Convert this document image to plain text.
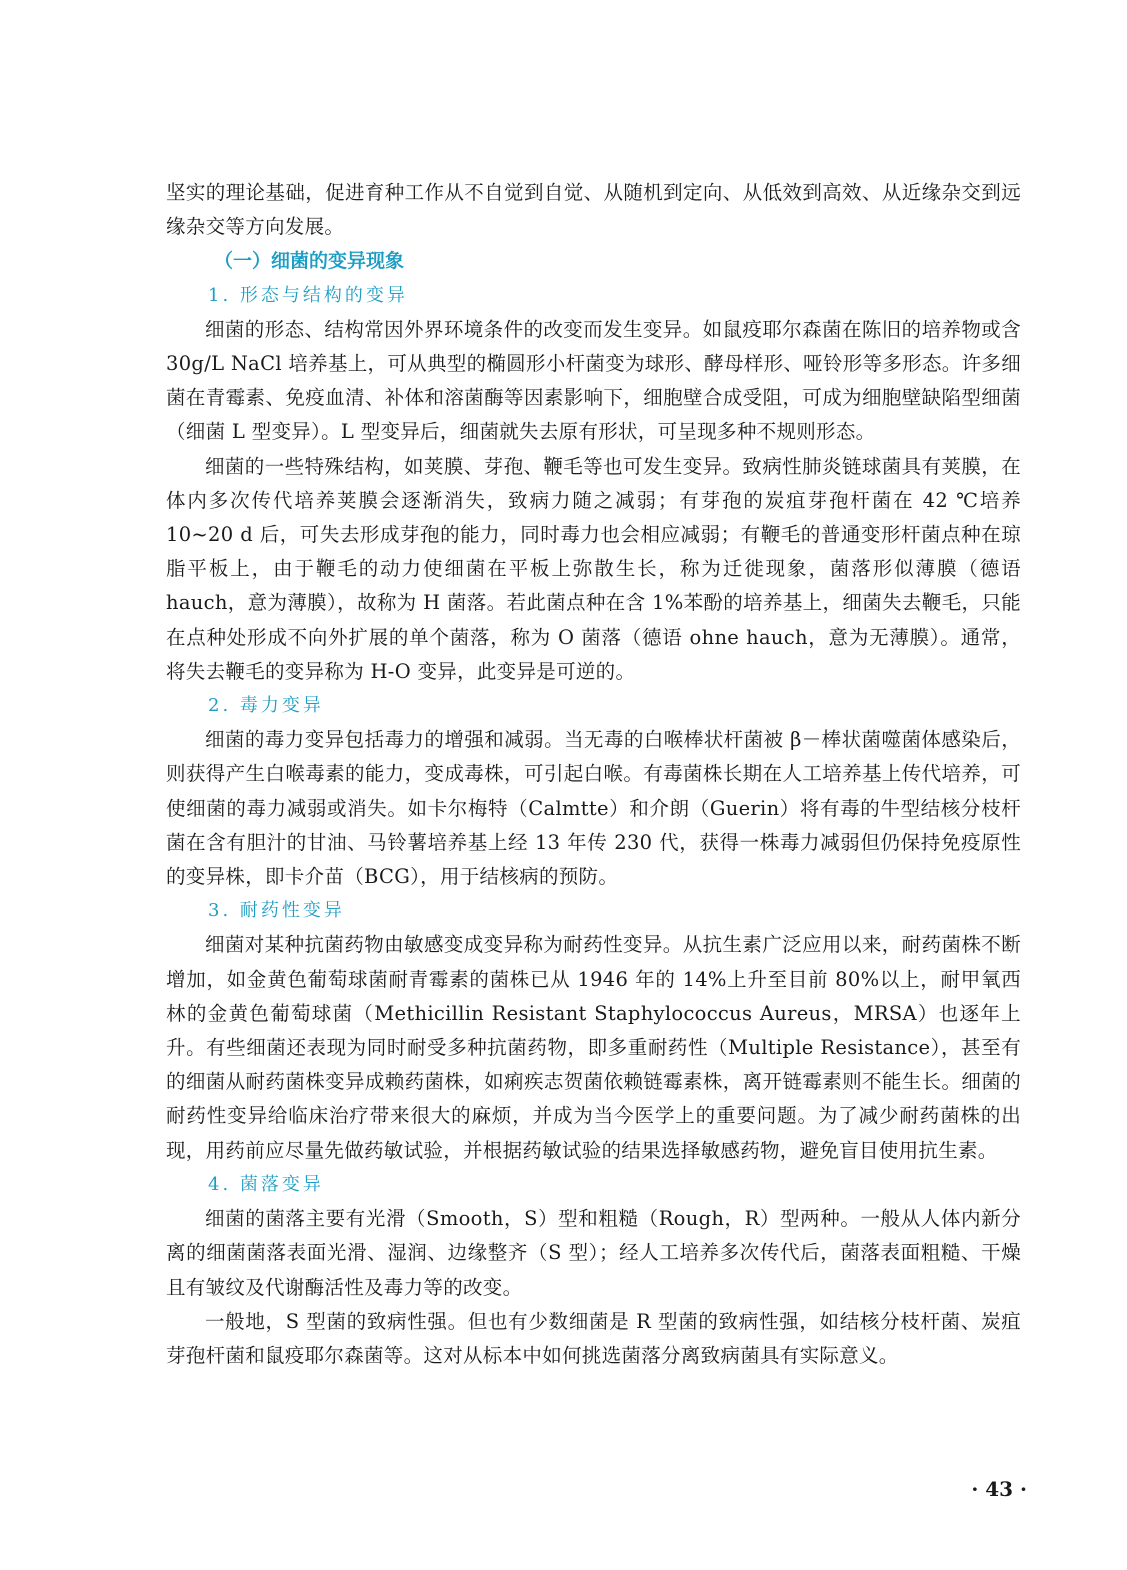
坚实的理论基础，促进育种工作从不自觉到自觉、从随机到定向、从低效到高效、从近缘杂交到远缘杂交等方向发展。

（一）细菌的变异现象
1. 形态与结构的变异

细菌的形态、结构常因外界环境条件的改变而发生变异。如鼠疫耶尔森菌在陈旧的培养物或含 30g/L NaCl 培养基上，可从典型的椭圆形小杆菌变为球形、酵母样形、哑铃形等多形态。许多细菌在青霉素、免疫血清、补体和溶菌酶等因素影响下，细胞壁合成受阻，可成为细胞壁缺陷型细菌（细菌 L 型变异）。L 型变异后，细菌就失去原有形状，可呈现多种不规则形态。

细菌的一些特殊结构，如荚膜、芽孢、鞭毛等也可发生变异。致病性肺炎链球菌具有荚膜，在体内多次传代培养荚膜会逐渐消失，致病力随之减弱；有芽孢的炭疽芽孢杆菌在 42 ℃培养 10~20 d 后，可失去形成芽孢的能力，同时毒力也会相应减弱；有鞭毛的普通变形杆菌点种在琼脂平板上，由于鞭毛的动力使细菌在平板上弥散生长，称为迁徙现象，菌落形似薄膜（德语 hauch，意为薄膜），故称为 H 菌落。若此菌点种在含 1%苯酚的培养基上，细菌失去鞭毛，只能在点种处形成不向外扩展的单个菌落，称为 O 菌落（德语 ohne hauch，意为无薄膜）。通常，将失去鞭毛的变异称为 H-O 变异，此变异是可逆的。

2. 毒力变异

细菌的毒力变异包括毒力的增强和减弱。当无毒的白喉棒状杆菌被 β－棒状菌噬菌体感染后，则获得产生白喉毒素的能力，变成毒株，可引起白喉。有毒菌株长期在人工培养基上传代培养，可使细菌的毒力减弱或消失。如卡尔梅特（Calmtte）和介朗（Guerin）将有毒的牛型结核分枝杆菌在含有胆汁的甘油、马铃薯培养基上经 13 年传 230 代，获得一株毒力减弱但仍保持免疫原性的变异株，即卡介苗（BCG），用于结核病的预防。

3. 耐药性变异

细菌对某种抗菌药物由敏感变成变异称为耐药性变异。从抗生素广泛应用以来，耐药菌株不断增加，如金黄色葡萄球菌耐青霉素的菌株已从 1946 年的 14%上升至目前 80%以上，耐甲氧西林的金黄色葡萄球菌（Methicillin Resistant Staphylococcus Aureus，MRSA）也逐年上升。有些细菌还表现为同时耐受多种抗菌药物，即多重耐药性（Multiple Resistance），甚至有的细菌从耐药菌株变异成赖药菌株，如痢疾志贺菌依赖链霉素株，离开链霉素则不能生长。细菌的耐药性变异给临床治疗带来很大的麻烦，并成为当今医学上的重要问题。为了减少耐药菌株的出现，用药前应尽量先做药敏试验，并根据药敏试验的结果选择敏感药物，避免盲目使用抗生素。

4. 菌落变异

细菌的菌落主要有光滑（Smooth，S）型和粗糙（Rough，R）型两种。一般从人体内新分离的细菌菌落表面光滑、湿润、边缘整齐（S 型）；经人工培养多次传代后，菌落表面粗糙、干燥且有皱纹及代谢酶活性及毒力等的改变。

一般地，S 型菌的致病性强。但也有少数细菌是 R 型菌的致病性强，如结核分枝杆菌、炭疽芽孢杆菌和鼠疫耶尔森菌等。这对从标本中如何挑选菌落分离致病菌具有实际意义。

· 43 ·
